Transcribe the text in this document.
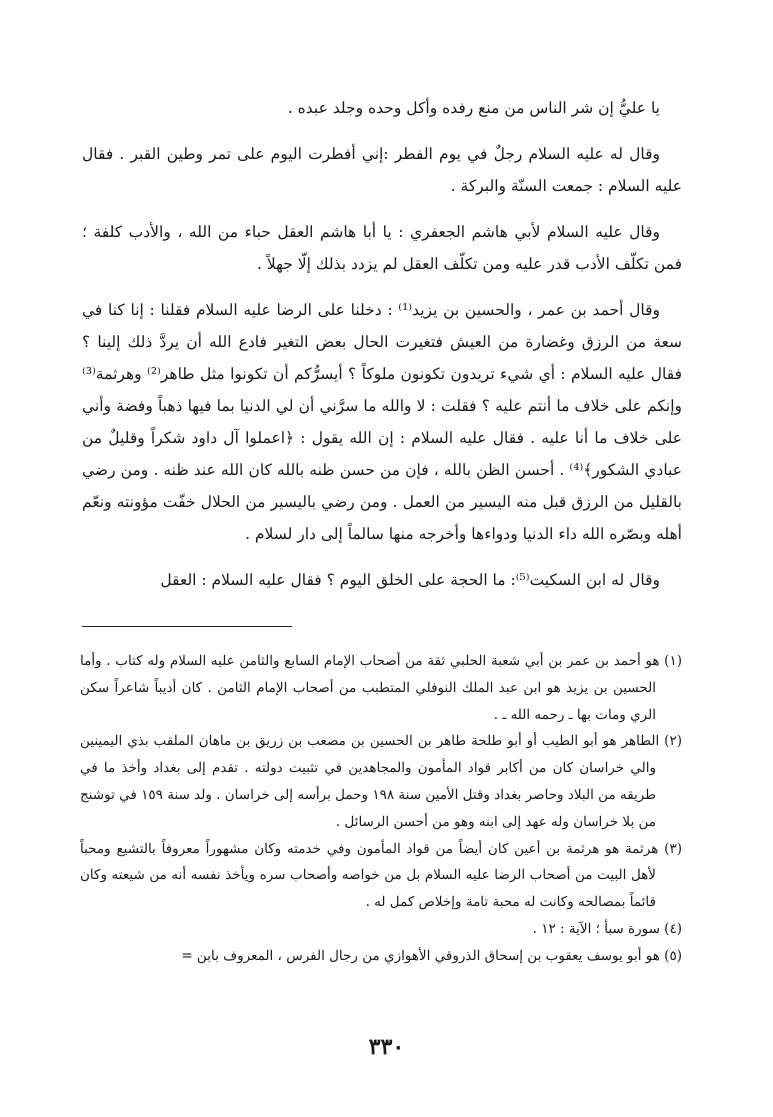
يا عليُّ إن شر الناس من منع رفده وأكل وحده وجلد عبده .

وقال له عليه السلام رجلٌ في يوم الفطر :إني أفطرت اليوم على تمر وطين القبر . فقال عليه السلام : جمعت السنّة والبركة .

وقال عليه السلام لأبي هاشم الجعفري : يا أبا هاشم العقل حباء من الله ، والأدب كلفة ؛ فمن تكلّف الأدب قدر عليه ومن تكلّف العقل لم يزدد بذلك إلّا جهلاً .

وقال أحمد بن عمر ، والحسين بن يزيد⁽¹⁾ : دخلنا على الرضا عليه السلام فقلنا : إنا كنا في سعة من الرزق وغضارة من العيش فتغيرت الحال بعض التغير فادع الله أن يردَّ ذلك إلينا ؟ فقال عليه السلام : أي شيء تريدون تكونون ملوكاً ؟ أيسرُّكم أن تكونوا مثل طاهر⁽²⁾ وهرثمة⁽³⁾ وإنكم على خلاف ما أنتم عليه ؟ فقلت : لا والله ما سرَّني أن لي الدنيا بما فيها ذهباً وفضة وأني على خلاف ما أنا عليه . فقال عليه السلام : إن الله يقول : ﴿اعملوا آل داود شكراً وقليلٌ من عبادي الشكور﴾⁽⁴⁾ . أحسن الظن بالله ، فإن من حسن ظنه بالله كان الله عند ظنه . ومن رضي بالقليل من الرزق قبل منه اليسير من العمل . ومن رضي باليسير من الحلال خفّت مؤونته ونعّم أهله وبصّره الله داء الدنيا ودواءها وأخرجه منها سالماً إلى دار لسلام .

وقال له ابن السكيت⁽⁵⁾: ما الحجة على الخلق اليوم ؟ فقال عليه السلام : العقل

(١) هو أحمد بن عمر بن أبي شعبة الحلبي ثقة من أصحاب الإمام السابع والثامن عليه السلام وله كتاب . وأما الحسين بن يزيد هو ابن عبد الملك النوفلي المتطبب من أصحاب الإمام الثامن . كان أديباً شاعراً سكن الري ومات بها ـ رحمه الله ـ .

(٢) الطاهر هو أبو الطيب أو أبو طلحة طاهر بن الحسين بن مصعب بن زريق بن ماهان الملقب بذي اليمينين والي خراسان كان من أكابر قواد المأمون والمجاهدين في تثبيت دولته . تقدم إلى بغداد وأخذ ما في طريقه من البلاد وحاصر بغداد وقتل الأمين سنة ١٩٨ وحمل برأسه إلى خراسان . ولد سنة ١٥٩ في توشنج من بلا خراسان وله عهد إلى ابنه وهو من أحسن الرسائل .

(٣) هرثمة هو هرثمة بن أعين كان أيضاً من قواد المأمون وفي خدمته وكان مشهوراً معروفاً بالتشيع ومحباً لأهل البيت من أصحاب الرضا عليه السلام بل من خواصه وأصحاب سره ويأخذ نفسه أنه من شيعته وكان قائماً بمصالحه وكانت له محبة تامة وإخلاص كمل له .

(٤) سورة سبأ ؛ الآية : ١٢ .

(٥) هو أبو يوسف يعقوب بن إسحاق الذروقي الأهوازي من رجال الفرس ، المعروف بابن =

٣٣٠
